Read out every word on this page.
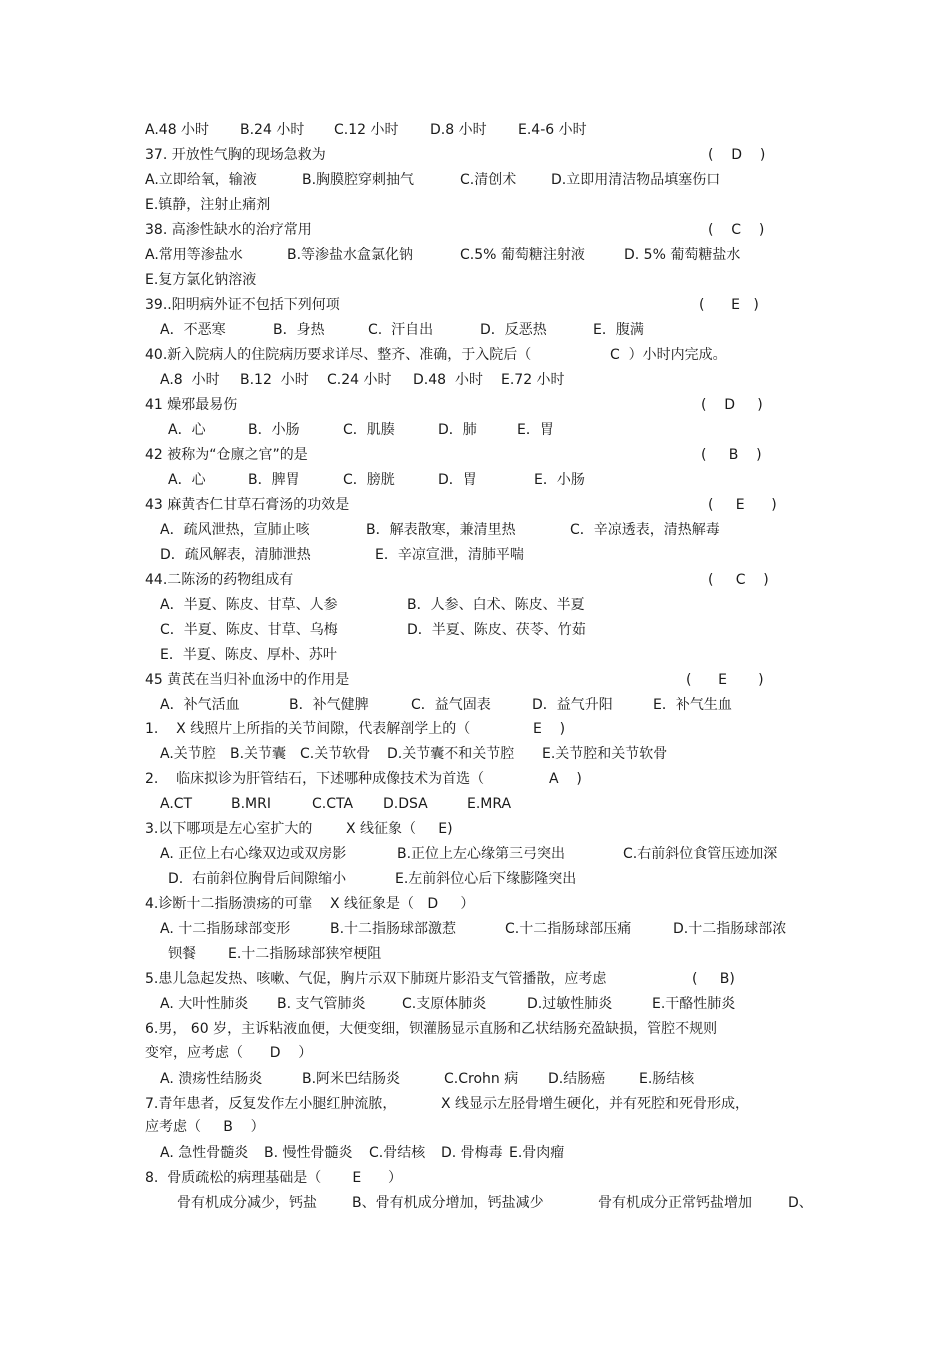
A.48 小时 B.24 小时 C.12 小时 D.8 小时 E.4-6 小时
37. 开放性气胸的现场急救为	(    D    )
A.立即给氧，输液	B.胸膜腔穿刺抽气	C.清创术 D.立即用清洁物品填塞伤口
E.镇静，注射止痛剂
38. 高渗性缺水的治疗常用	(    C    )
A.常用等渗盐水	B.等渗盐水盒氯化钠	C.5% 葡萄糖注射液	D. 5% 葡萄糖盐水
E.复方氯化钠溶液
39..阳明病外证不包括下列何项	(      E   )
A．不恶寒	B．身热	C.  汗自出	D．反恶热	E．腹满
40.新入院病人的住院病历要求详尽、整齐、准确，于入院后（	C  ）小时内完成。
A.8  小时 B.12  小时 C.24 小时 D.48  小时 E.72 小时
41 燥邪最易伤	(    D     )
A．心	B．小肠	C．肌腠	D．肺	E．胃
42 被称为“仓廪之官”的是	(     B    )
A．心	B．脾胃	C．膀胱	D．胃	E．小肠
43 麻黄杏仁甘草石膏汤的功效是	(     E      )
A．疏风泄热，宣肺止咳	B．解表散寒，兼清里热	C．辛凉透表，清热解毒
D．疏风解表，清肺泄热	E．辛凉宣泄，清肺平喘
44.二陈汤的药物组成有	(     C    )
A．半夏、陈皮、甘草、人参	B．人参、白术、陈皮、半夏
C．半夏、陈皮、甘草、乌梅	D．半夏、陈皮、茯苓、竹茹
E．半夏、陈皮、厚朴、苏叶
45 黄芪在当归补血汤中的作用是	(      E       )
A．补气活血	B．补气健脾	C．益气固表	D．益气升阳	E．补气生血
1.    X 线照片上所指的关节间隙，代表解剖学上的（	E    )
A.关节腔 B.关节囊 C.关节软骨 D.关节囊不和关节腔 E.关节腔和关节软骨
2.    临床拟诊为肝管结石，下述哪种成像技术为首选（	A    )
A.CT	B.MRI	C.CTA D.DSA	E.MRA
3.以下哪项是左心室扩大的 X 线征象（     E)
A. 正位上右心缘双边或双房影	B.正位上左心缘第三弓突出	C.右前斜位食管压迹加深
D.  右前斜位胸骨后间隙缩小	E.左前斜位心后下缘膨隆突出
4.诊断十二指肠溃疡的可靠 X 线征象是（   D     ）
A. 十二指肠球部变形	B.十二指肠球部激惹	C.十二指肠球部压痛	D.十二指肠球部浓
钡餐 E.十二指肠球部狭窄梗阻
5.患儿急起发热、咳嗽、气促，胸片示双下肺斑片影沿支气管播散，应考虑	(     B)
A. 大叶性肺炎 B. 支气管肺炎	C.支原体肺炎	D.过敏性肺炎	E.干酪性肺炎
6.男， 60 岁，主诉粘液血便，大便变细，钡灌肠显示直肠和乙状结肠充盈缺损，管腔不规则
变窄，应考虑（      D    ）
A. 溃疡性结肠炎	B.阿米巴结肠炎	C.Crohn 病 D.结肠癌 E.肠结核
7.青年患者，反复发作左小腿红肿流脓，	X 线显示左胫骨增生硬化，并有死腔和死骨形成，
应考虑（     B    ）
A. 急性骨髓炎 B. 慢性骨髓炎 C.骨结核 D. 骨梅毒 E.骨肉瘤
8.  骨质疏松的病理基础是（       E      ）
骨有机成分减少，钙盐	B、骨有机成分增加，钙盐减少	骨有机成分正常钙盐增加	D、
